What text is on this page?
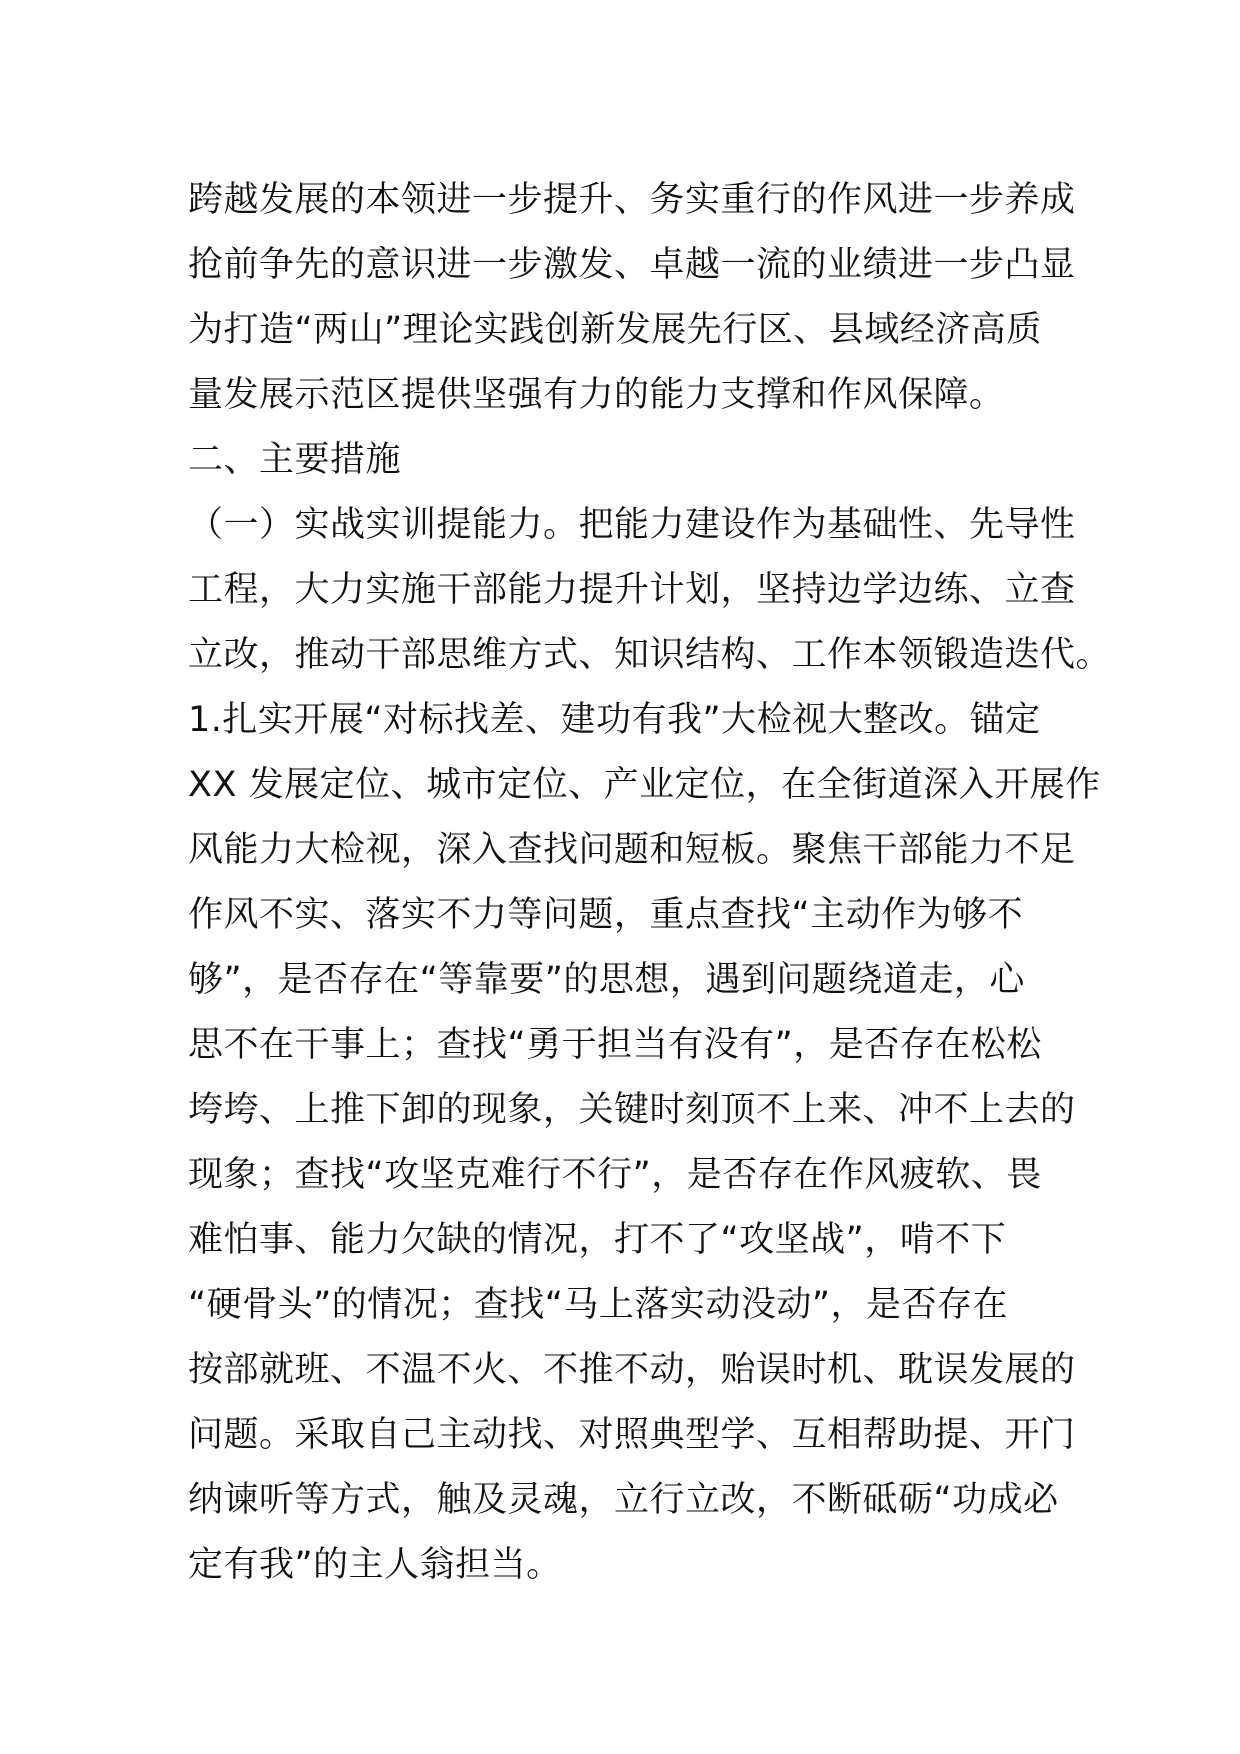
跨越发展的本领进一步提升、务实重行的作风进一步养成
抢前争先的意识进一步激发、卓越一流的业绩进一步凸显
为打造“两山”理论实践创新发展先行区、县域经济高质
量发展示范区提供坚强有力的能力支撑和作风保障。
二、主要措施
（一）实战实训提能力。把能力建设作为基础性、先导性
工程，大力实施干部能力提升计划，坚持边学边练、立查
立改，推动干部思维方式、知识结构、工作本领锻造迭代。
1.扎实开展“对标找差、建功有我”大检视大整改。锚定
XX 发展定位、城市定位、产业定位，在全街道深入开展作
风能力大检视，深入查找问题和短板。聚焦干部能力不足
作风不实、落实不力等问题，重点查找“主动作为够不
够”，是否存在“等靠要”的思想，遇到问题绕道走，心
思不在干事上；查找“勇于担当有没有”，是否存在松松
垮垮、上推下卸的现象，关键时刻顶不上来、冲不上去的
现象；查找“攻坚克难行不行”，是否存在作风疲软、畏
难怕事、能力欠缺的情况，打不了“攻坚战”，啃不下
“硬骨头”的情况；查找“马上落实动没动”，是否存在
按部就班、不温不火、不推不动，贻误时机、耽误发展的
问题。采取自己主动找、对照典型学、互相帮助提、开门
纳谏听等方式，触及灵魂，立行立改，不断砥砺“功成必
定有我”的主人翁担当。
